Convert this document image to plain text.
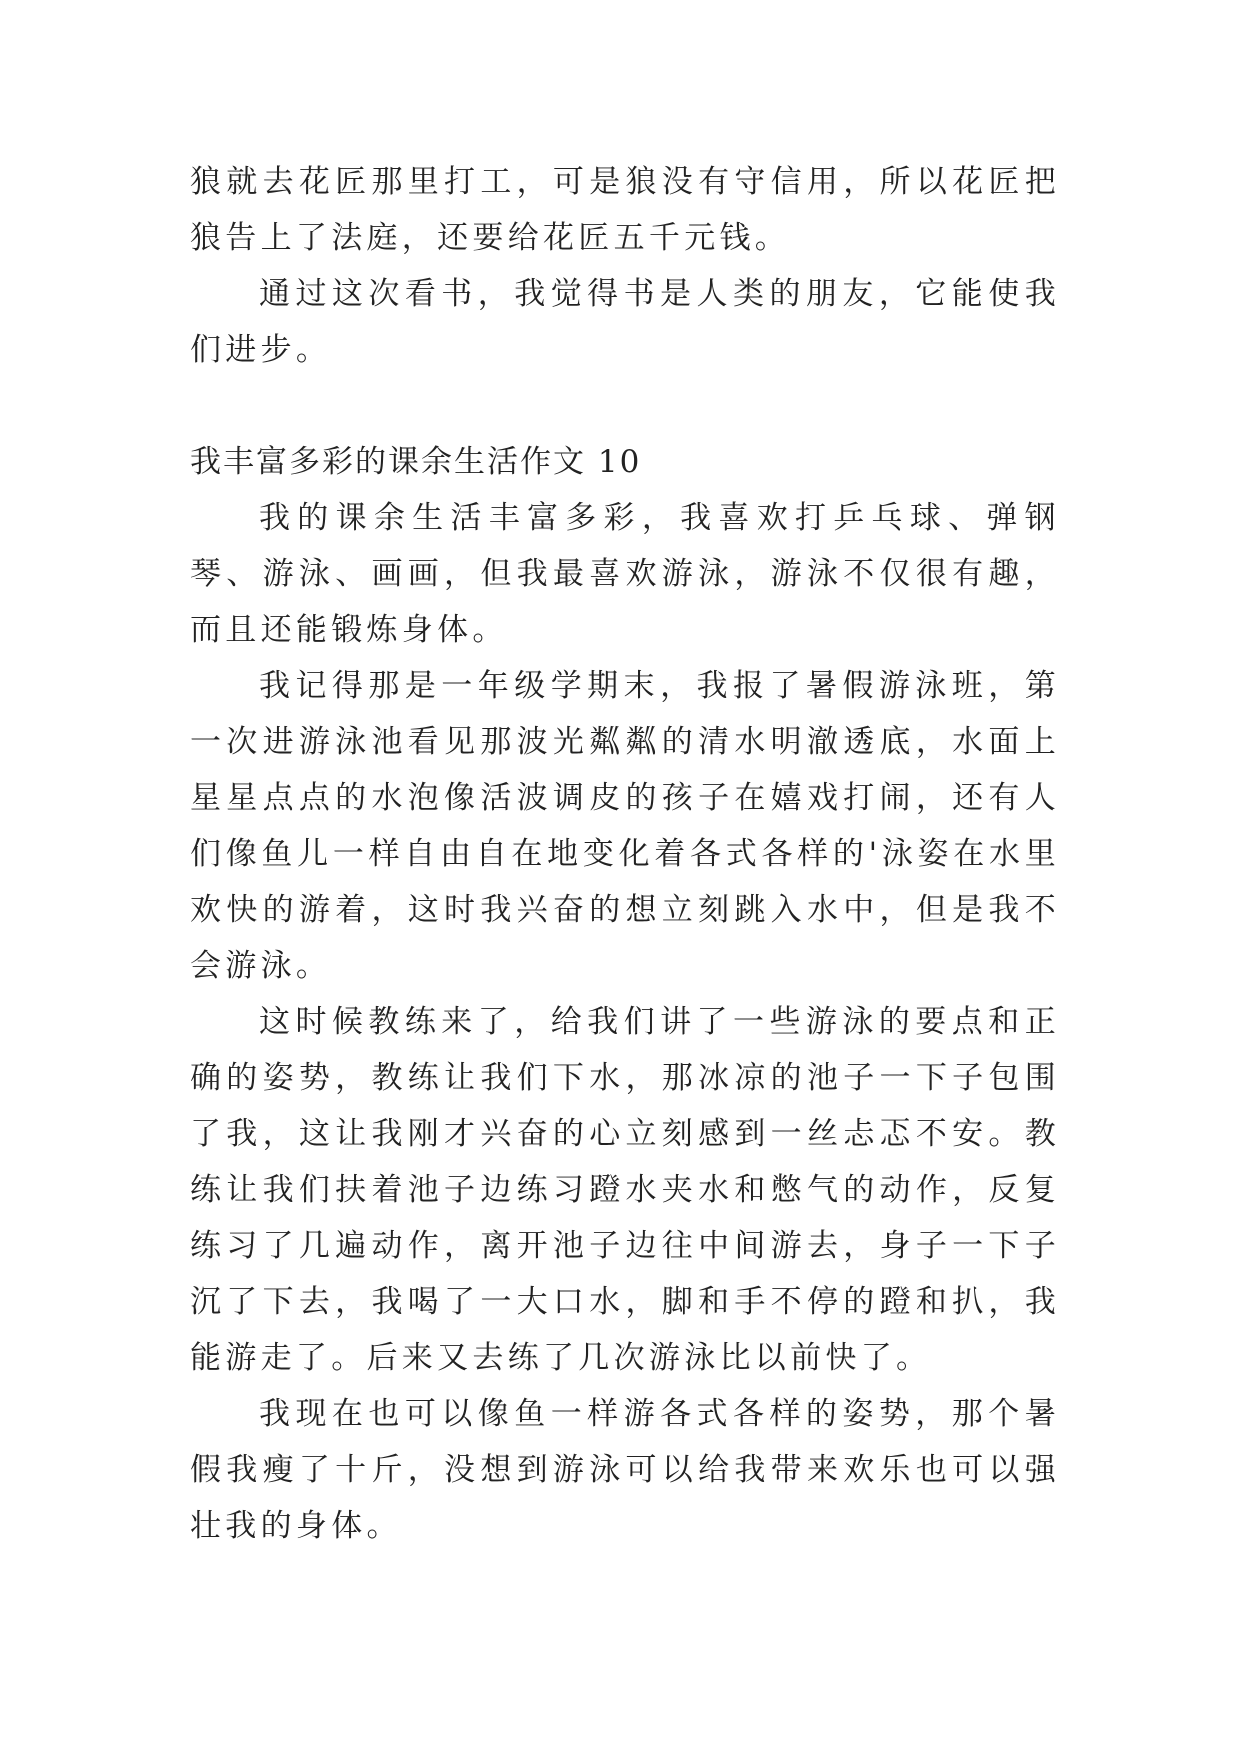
狼就去花匠那里打工，可是狼没有守信用，所以花匠把狼告上了法庭，还要给花匠五千元钱。

通过这次看书，我觉得书是人类的朋友，它能使我们进步。

我丰富多彩的课余生活作文 10

我的课余生活丰富多彩，我喜欢打乒乓球、弹钢琴、游泳、画画，但我最喜欢游泳，游泳不仅很有趣，而且还能锻炼身体。

我记得那是一年级学期末，我报了暑假游泳班，第一次进游泳池看见那波光粼粼的清水明澈透底，水面上星星点点的水泡像活波调皮的孩子在嬉戏打闹，还有人们像鱼儿一样自由自在地变化着各式各样的'泳姿在水里欢快的游着，这时我兴奋的想立刻跳入水中，但是我不会游泳。

这时候教练来了，给我们讲了一些游泳的要点和正确的姿势，教练让我们下水，那冰凉的池子一下子包围了我，这让我刚才兴奋的心立刻感到一丝忐忑不安。教练让我们扶着池子边练习蹬水夹水和憋气的动作，反复练习了几遍动作，离开池子边往中间游去，身子一下子沉了下去，我喝了一大口水，脚和手不停的蹬和扒，我能游走了。后来又去练了几次游泳比以前快了。

我现在也可以像鱼一样游各式各样的姿势，那个暑假我瘦了十斤，没想到游泳可以给我带来欢乐也可以强壮我的身体。
